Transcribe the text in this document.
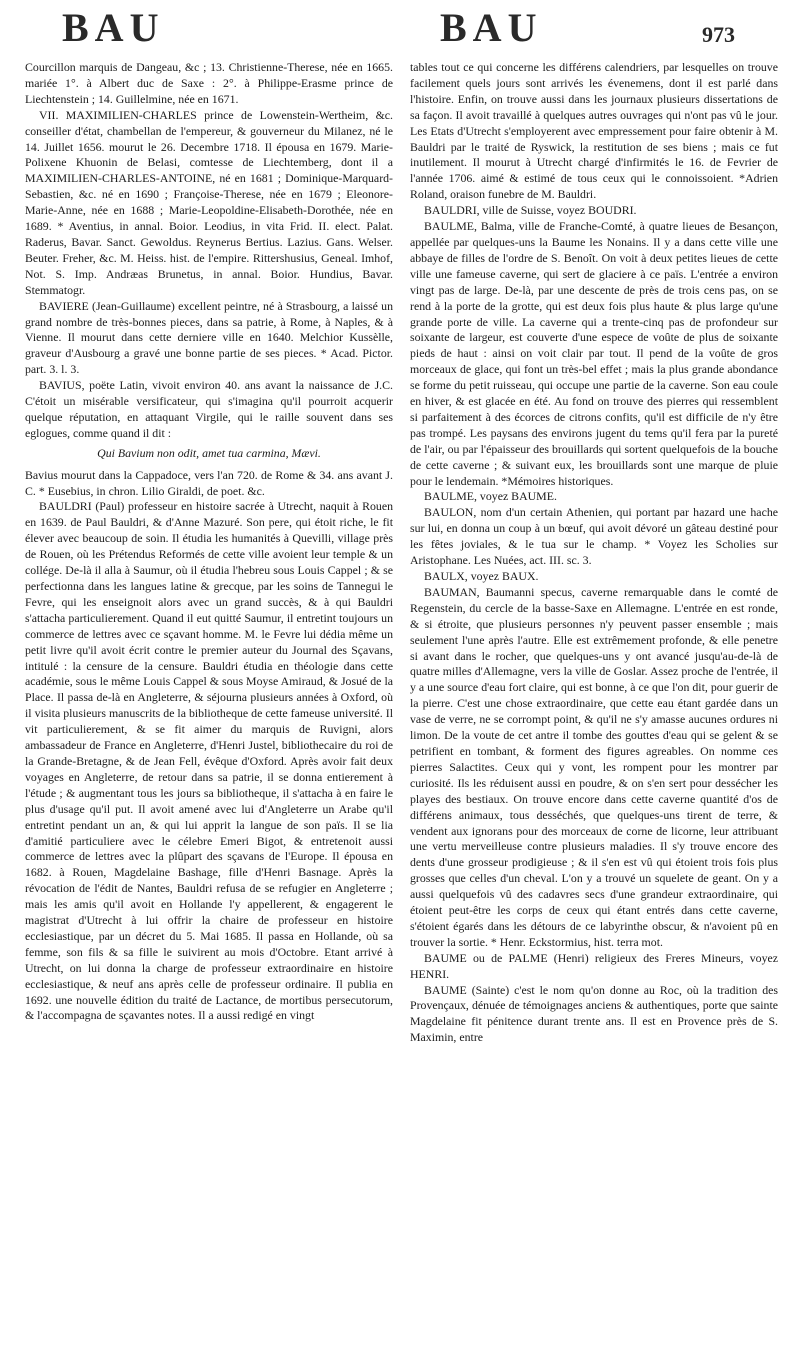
BAU	BAU	973

Courcillon marquis de Dangeau, &c ; 13. Christienne-Therese, née en 1665. mariée 1°. à Albert duc de Saxe : 2°. à Philippe-Erasme prince de Liechtenstein ; 14. Guillelmine, née en 1671.

VII. MAXIMILIEN-CHARLES prince de Lowenstein-Wertheim, &c. conseiller d'état, chambellan de l'empereur, & gouverneur du Milanez, né le 14. Juillet 1656. mourut le 26. Decembre 1718. Il épousa en 1679. Marie-Polixene Khuonin de Belasi, comtesse de Liechtemberg, dont il a MAXIMILIEN-CHARLES-ANTOINE, né en 1681 ; Dominique-Marquard-Sebastien, &c. né en 1690 ; Françoise-Therese, née en 1679 ; Eleonore-Marie-Anne, née en 1688 ; Marie-Leopoldine-Elisabeth-Dorothée, née en 1689. * Aventius, in annal. Boior. Leodius, in vita Frid. II. elect. Palat. Raderus, Bavar. Sanct. Gewoldus. Reynerus Bertius. Lazius. Gans. Welser. Beuter. Freher, &c. M. Heiss. hist. de l'empire. Rittershusius, Geneal. Imhof, Not. S. Imp. Andræas Brunetus, in annal. Boior. Hundius, Bavar. Stemmatogr.

BAVIERE (Jean-Guillaume) excellent peintre, né à Strasbourg, a laissé un grand nombre de très-bonnes pieces, dans sa patrie, à Rome, à Naples, & à Vienne. Il mourut dans cette derniere ville en 1640. Melchior Kussèlle, graveur d'Ausbourg a gravé une bonne partie de ses pieces. * Acad. Pictor. part. 3. l. 3.

BAVIUS, poëte Latin, vivoit environ 40. ans avant la naissance de J.C. C'étoit un misérable versificateur, qui s'imagina qu'il pourroit acquerir quelque réputation, en attaquant Virgile, qui le raille souvent dans ses eglogues, comme quand il dit :

Qui Bavium non odit, amet tua carmina, Mævi.

Bavius mourut dans la Cappadoce, vers l'an 720. de Rome & 34. ans avant J. C. * Eusebius, in chron. Lilio Giraldi, de poet. &c.

BAULDRI (Paul) professeur en histoire sacrée à Utrecht, naquit à Rouen en 1639. de Paul Bauldri, & d'Anne Mazuré. Son pere, qui étoit riche, le fit élever avec beaucoup de soin. Il étudia les humanités à Quevilli, village près de Rouen, où les Prétendus Reformés de cette ville avoient leur temple & un collége. De-là il alla à Saumur, où il étudia l'hebreu sous Louis Cappel ; & se perfectionna dans les langues latine & grecque, par les soins de Tannegui le Fevre, qui les enseignoit alors avec un grand succès, & à qui Bauldri s'attacha particulierement. Quand il eut quitté Saumur, il entretint toujours un commerce de lettres avec ce sçavant homme. M. le Fevre lui dédia même un petit livre qu'il avoit écrit contre le premier auteur du Journal des Sçavans, intitulé : la censure de la censure. Bauldri étudia en théologie dans cette académie, sous le même Louis Cappel & sous Moyse Amiraud, & Josué de la Place. Il passa de-là en Angleterre, & séjourna plusieurs années à Oxford, où il visita plusieurs manuscrits de la bibliotheque de cette fameuse université. Il vit particulierement, & se fit aimer du marquis de Ruvigni, alors ambassadeur de France en Angleterre, d'Henri Justel, bibliothecaire du roi de la Grande-Bretagne, & de Jean Fell, évêque d'Oxford. Après avoir fait deux voyages en Angleterre, de retour dans sa patrie, il se donna entierement à l'étude ; & augmentant tous les jours sa bibliotheque, il s'attacha à en faire le plus d'usage qu'il put. Il avoit amené avec lui d'Angleterre un Arabe qu'il entretint pendant un an, & qui lui apprit la langue de son païs. Il se lia d'amitié particuliere avec le célebre Emeri Bigot, & entretenoit aussi commerce de lettres avec la plûpart des sçavans de l'Europe. Il épousa en 1682. à Rouen, Magdelaine Bashage, fille d'Henri Basnage. Après la révocation de l'édit de Nantes, Bauldri refusa de se refugier en Angleterre ; mais les amis qu'il avoit en Hollande l'y appellerent, & engagerent le magistrat d'Utrecht à lui offrir la chaire de professeur en histoire ecclesiastique, par un décret du 5. Mai 1685. Il passa en Hollande, où sa femme, son fils & sa fille le suivirent au mois d'Octobre. Etant arrivé à Utrecht, on lui donna la charge de professeur extraordinaire en histoire ecclesiastique, & neuf ans après celle de professeur ordinaire. Il publia en 1692. une nouvelle édition du traité de Lactance, de mortibus persecutorum, & l'accompagna de sçavantes notes. Il a aussi redigé en vingt

tables tout ce qui concerne les différens calendriers, par lesquelles on trouve facilement quels jours sont arrivés les évenemens, dont il est parlé dans l'histoire. Enfin, on trouve aussi dans les journaux plusieurs dissertations de sa façon. Il avoit travaillé à quelques autres ouvrages qui n'ont pas vû le jour. Les Etats d'Utrecht s'employerent avec empressement pour faire obtenir à M. Bauldri par le traité de Ryswick, la restitution de ses biens ; mais ce fut inutilement. Il mourut à Utrecht chargé d'infirmités le 16. de Fevrier de l'année 1706. aimé & estimé de tous ceux qui le connoissoient. *Adrien Roland, oraison funebre de M. Bauldri.

BAULDRI, ville de Suisse, voyez BOUDRI.

BAULME, Balma, ville de Franche-Comté, à quatre lieues de Besançon, appellée par quelques-uns la Baume les Nonains. Il y a dans cette ville une abbaye de filles de l'ordre de S. Benoît. On voit à deux petites lieues de cette ville une fameuse caverne, qui sert de glaciere à ce païs. L'entrée a environ vingt pas de large. De-là, par une descente de près de trois cens pas, on se rend à la porte de la grotte, qui est deux fois plus haute & plus large qu'une grande porte de ville. La caverne qui a trente-cinq pas de profondeur sur soixante de largeur, est couverte d'une espece de voûte de plus de soixante pieds de haut : ainsi on voit clair par tout. Il pend de la voûte de gros morceaux de glace, qui font un très-bel effet ; mais la plus grande abondance se forme du petit ruisseau, qui occupe une partie de la caverne. Son eau coule en hiver, & est glacée en été. Au fond on trouve des pierres qui ressemblent si parfaitement à des écorces de citrons confits, qu'il est difficile de n'y être pas trompé. Les paysans des environs jugent du tems qu'il fera par la pureté de l'air, ou par l'épaisseur des brouillards qui sortent quelquefois de la bouche de cette caverne ; & suivant eux, les brouillards sont une marque de pluie pour le lendemain. *Mémoires historiques.

BAULME, voyez BAUME.

BAULON, nom d'un certain Athenien, qui portant par hazard une hache sur lui, en donna un coup à un bœuf, qui avoit dévoré un gâteau destiné pour les fêtes joviales, & le tua sur le champ. * Voyez les Scholies sur Aristophane. Les Nuées, act. III. sc. 3.

BAULX, voyez BAUX.

BAUMAN, Baumanni specus, caverne remarquable dans le comté de Regenstein, du cercle de la basse-Saxe en Allemagne. L'entrée en est ronde, & si étroite, que plusieurs personnes n'y peuvent passer ensemble ; mais seulement l'une après l'autre. Elle est extrêmement profonde, & elle penetre si avant dans le rocher, que quelques-uns y ont avancé jusqu'au-de-là de quatre milles d'Allemagne, vers la ville de Goslar. Assez proche de l'entrée, il y a une source d'eau fort claire, qui est bonne, à ce que l'on dit, pour guerir de la pierre. C'est une chose extraordinaire, que cette eau étant gardée dans un vase de verre, ne se corrompt point, & qu'il ne s'y amasse aucunes ordures ni limon. De la voute de cet antre il tombe des gouttes d'eau qui se gelent & se petrifient en tombant, & forment des figures agreables. On nomme ces pierres Salactites. Ceux qui y vont, les rompent pour les montrer par curiosité. Ils les réduisent aussi en poudre, & on s'en sert pour dessécher les playes des bestiaux. On trouve encore dans cette caverne quantité d'os de différens animaux, tous desséchés, que quelques-uns tirent de terre, & vendent aux ignorans pour des morceaux de corne de licorne, leur attribuant une vertu merveilleuse contre plusieurs maladies. Il s'y trouve encore des dents d'une grosseur prodigieuse ; & il s'en est vû qui étoient trois fois plus grosses que celles d'un cheval. L'on y a trouvé un squelete de geant. On y a aussi quelquefois vû des cadavres secs d'une grandeur extraordinaire, qui étoient peut-être les corps de ceux qui étant entrés dans cette caverne, s'étoient égarés dans les détours de ce labyrinthe obscur, & n'avoient pû en trouver la sortie. * Henr. Eckstormius, hist. terra mot.

BAUME ou de PALME (Henri) religieux des Freres Mineurs, voyez HENRI.

BAUME (Sainte) c'est le nom qu'on donne au Roc, où la tradition des Provençaux, dénuée de témoignages anciens & authentiques, porte que sainte Magdelaine fit pénitence durant trente ans. Il est en Provence près de S. Maximin, entre
